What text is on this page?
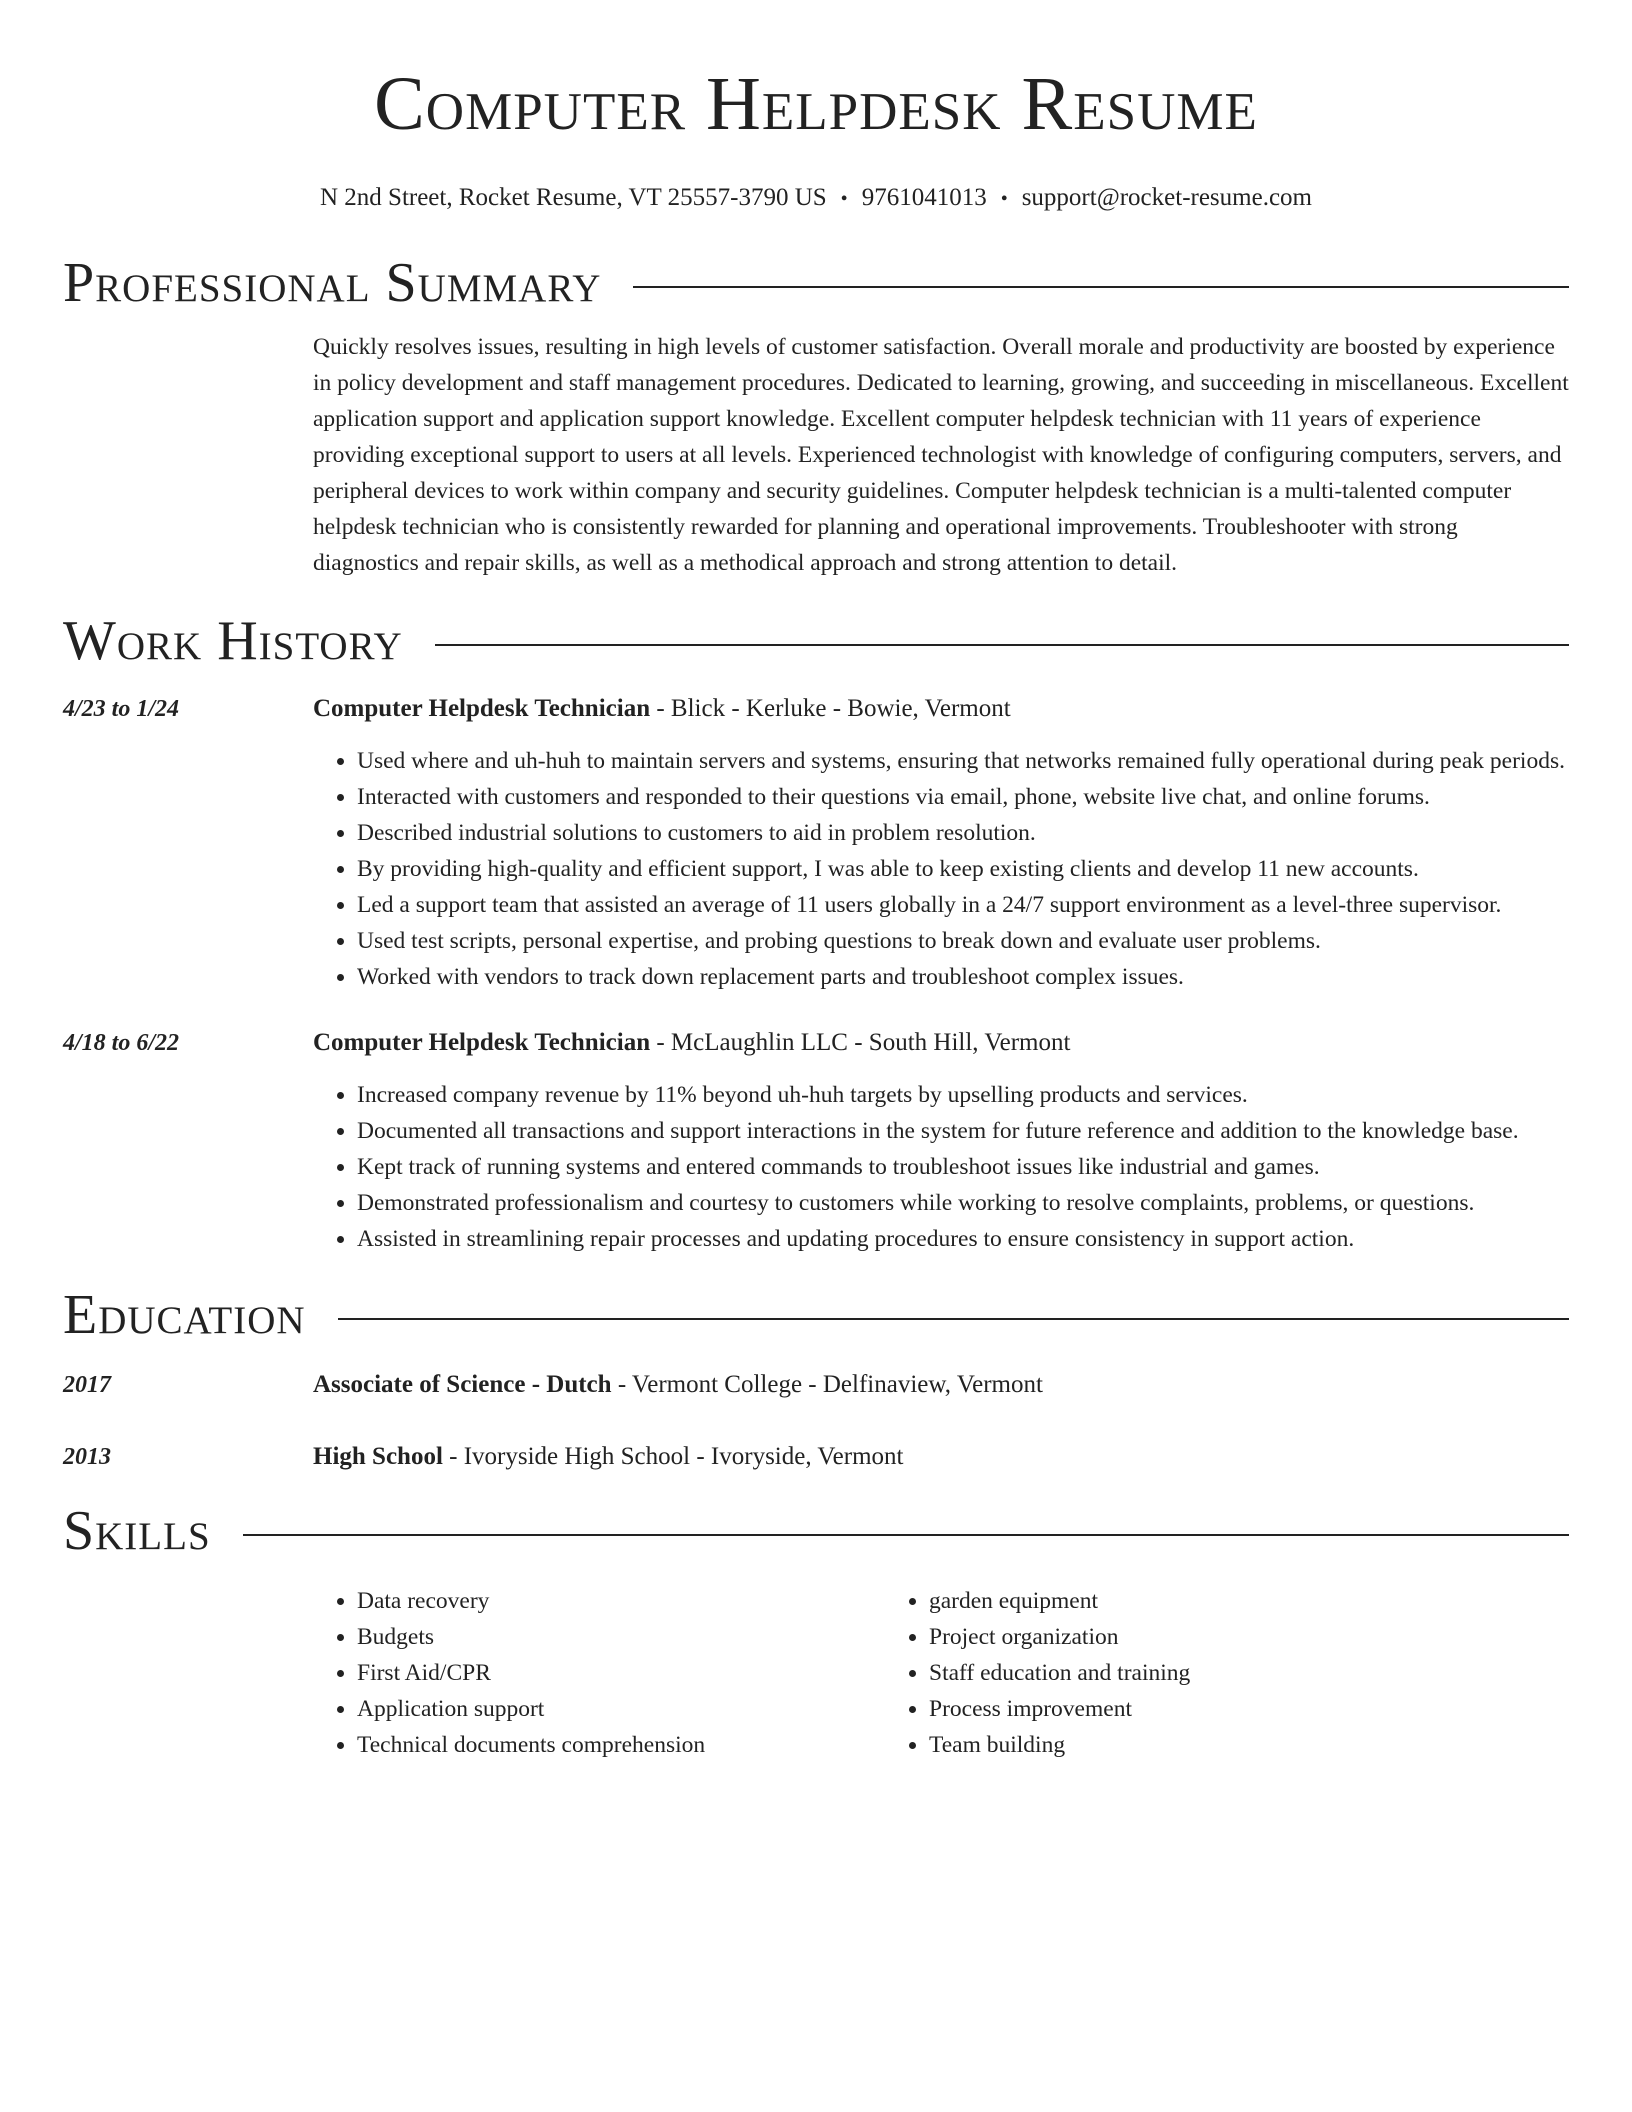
Computer Helpdesk Resume
N 2nd Street, Rocket Resume, VT 25557-3790 US • 9761041013 • support@rocket-resume.com
Professional Summary
Quickly resolves issues, resulting in high levels of customer satisfaction. Overall morale and productivity are boosted by experience in policy development and staff management procedures. Dedicated to learning, growing, and succeeding in miscellaneous. Excellent application support and application support knowledge. Excellent computer helpdesk technician with 11 years of experience providing exceptional support to users at all levels. Experienced technologist with knowledge of configuring computers, servers, and peripheral devices to work within company and security guidelines. Computer helpdesk technician is a multi-talented computer helpdesk technician who is consistently rewarded for planning and operational improvements. Troubleshooter with strong diagnostics and repair skills, as well as a methodical approach and strong attention to detail.
Work History
4/23 to 1/24	Computer Helpdesk Technician - Blick - Kerluke - Bowie, Vermont
• Used where and uh-huh to maintain servers and systems, ensuring that networks remained fully operational during peak periods.
• Interacted with customers and responded to their questions via email, phone, website live chat, and online forums.
• Described industrial solutions to customers to aid in problem resolution.
• By providing high-quality and efficient support, I was able to keep existing clients and develop 11 new accounts.
• Led a support team that assisted an average of 11 users globally in a 24/7 support environment as a level-three supervisor.
• Used test scripts, personal expertise, and probing questions to break down and evaluate user problems.
• Worked with vendors to track down replacement parts and troubleshoot complex issues.
4/18 to 6/22	Computer Helpdesk Technician - McLaughlin LLC - South Hill, Vermont
• Increased company revenue by 11% beyond uh-huh targets by upselling products and services.
• Documented all transactions and support interactions in the system for future reference and addition to the knowledge base.
• Kept track of running systems and entered commands to troubleshoot issues like industrial and games.
• Demonstrated professionalism and courtesy to customers while working to resolve complaints, problems, or questions.
• Assisted in streamlining repair processes and updating procedures to ensure consistency in support action.
Education
2017	Associate of Science - Dutch - Vermont College - Delfinaview, Vermont
2013	High School - Ivoryside High School - Ivoryside, Vermont
Skills
• Data recovery
• Budgets
• First Aid/CPR
• Application support
• Technical documents comprehension
• garden equipment
• Project organization
• Staff education and training
• Process improvement
• Team building
